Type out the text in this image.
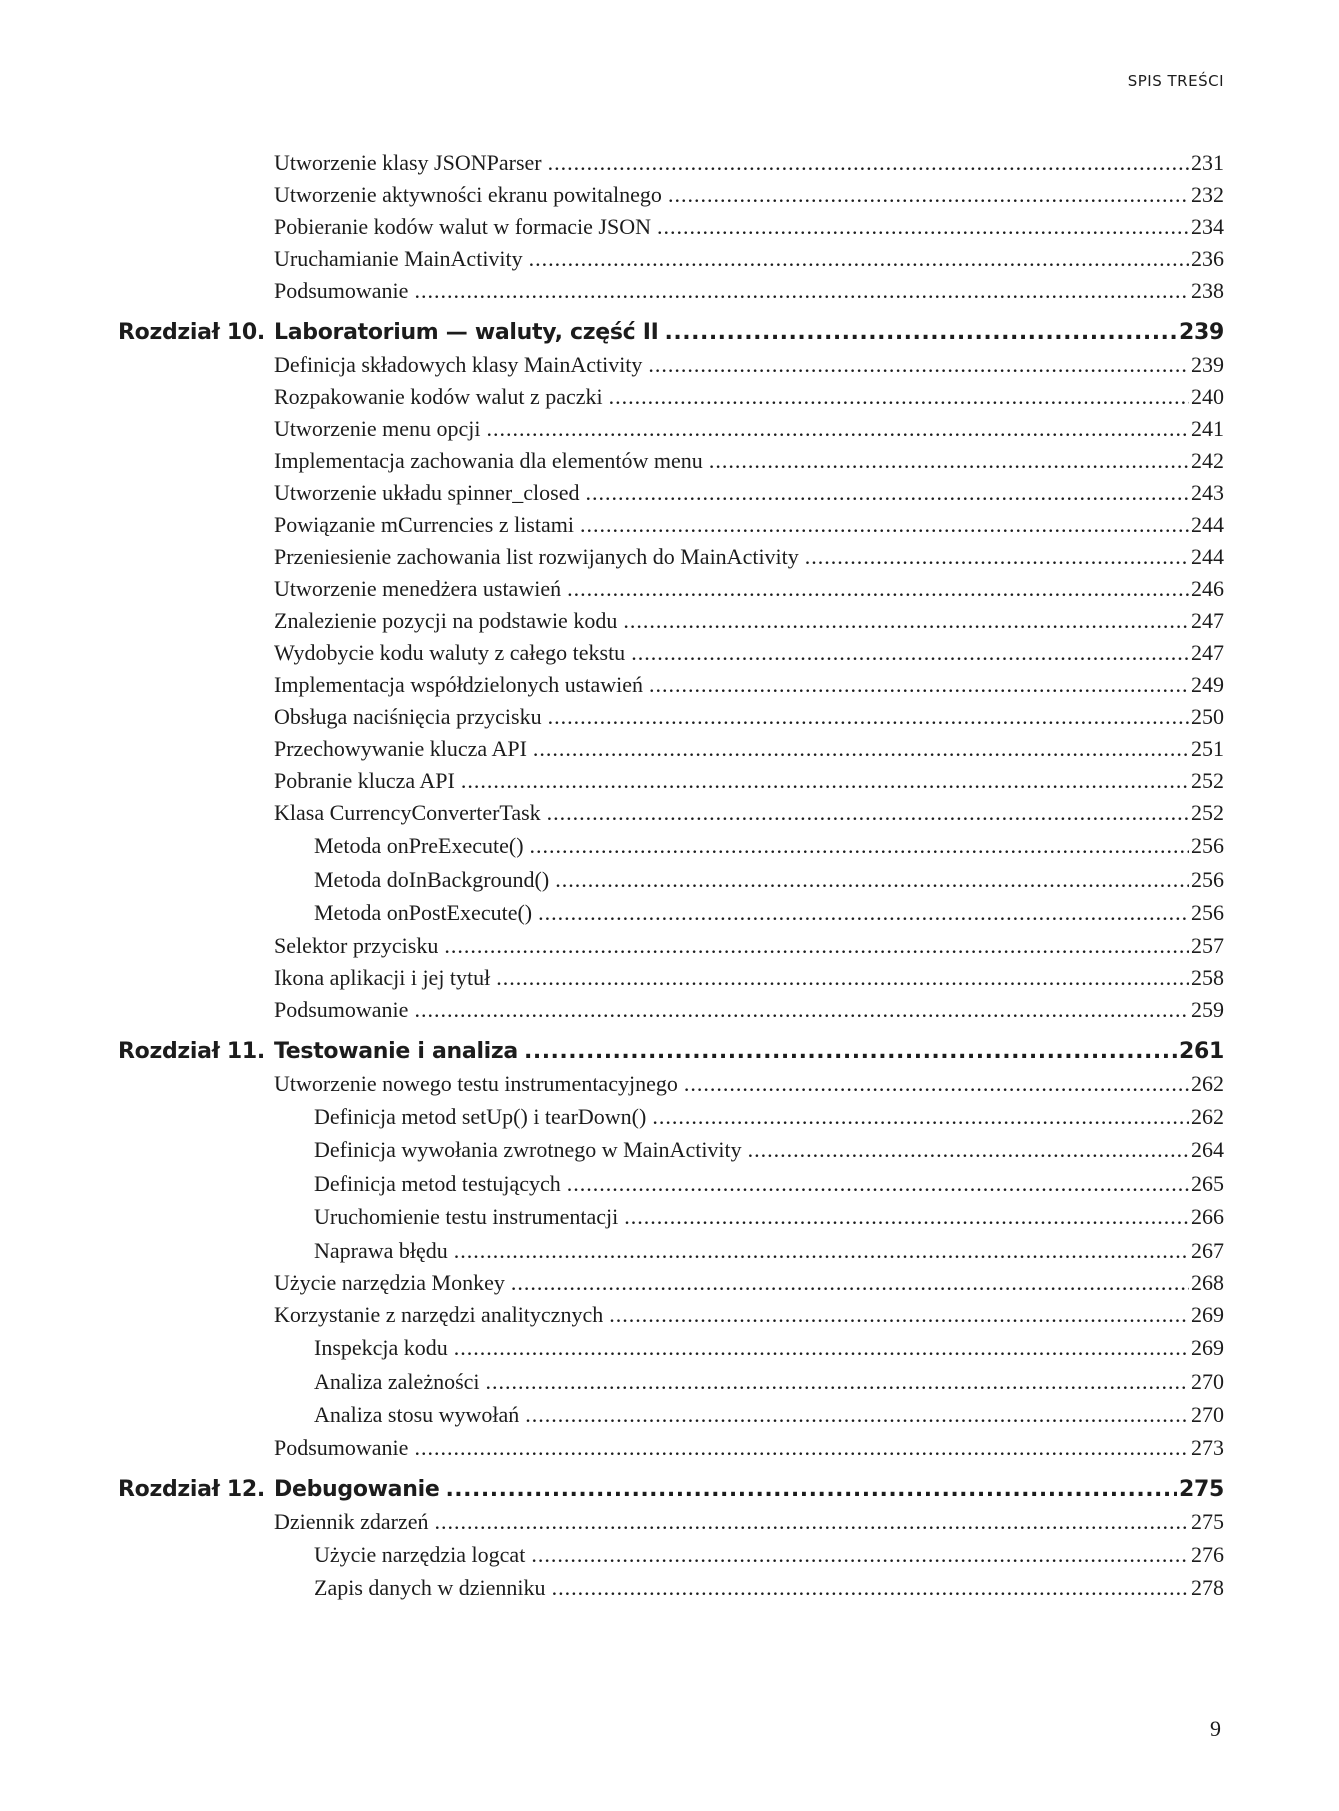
SPIS TREŚCI
Utworzenie klasy JSONParser .....	231
Utworzenie aktywności ekranu powitalnego .....	232
Pobieranie kodów walut w formacie JSON .....	234
Uruchamianie MainActivity .....	236
Podsumowanie .....	238
Rozdział 10. Laboratorium — waluty, część II .....	239
Definicja składowych klasy MainActivity .....	239
Rozpakowanie kodów walut z paczki .....	240
Utworzenie menu opcji .....	241
Implementacja zachowania dla elementów menu .....	242
Utworzenie układu spinner_closed .....	243
Powiązanie mCurrencies z listami .....	244
Przeniesienie zachowania list rozwijanych do MainActivity .....	244
Utworzenie menedżera ustawień .....	246
Znalezienie pozycji na podstawie kodu .....	247
Wydobycie kodu waluty z całego tekstu .....	247
Implementacja współdzielonych ustawień .....	249
Obsługa naciśnięcia przycisku .....	250
Przechowywanie klucza API .....	251
Pobranie klucza API .....	252
Klasa CurrencyConverterTask .....	252
Metoda onPreExecute() .....	256
Metoda doInBackground() .....	256
Metoda onPostExecute() .....	256
Selektor przycisku .....	257
Ikona aplikacji i jej tytuł .....	258
Podsumowanie .....	259
Rozdział 11. Testowanie i analiza .....	261
Utworzenie nowego testu instrumentacyjnego .....	262
Definicja metod setUp() i tearDown() .....	262
Definicja wywołania zwrotnego w MainActivity .....	264
Definicja metod testujących .....	265
Uruchomienie testu instrumentacji .....	266
Naprawa błędu .....	267
Użycie narzędzia Monkey .....	268
Korzystanie z narzędzi analitycznych .....	269
Inspekcja kodu .....	269
Analiza zależności .....	270
Analiza stosu wywołań .....	270
Podsumowanie .....	273
Rozdział 12. Debugowanie .....	275
Dziennik zdarzeń .....	275
Użycie narzędzia logcat .....	276
Zapis danych w dzienniku .....	278
9
